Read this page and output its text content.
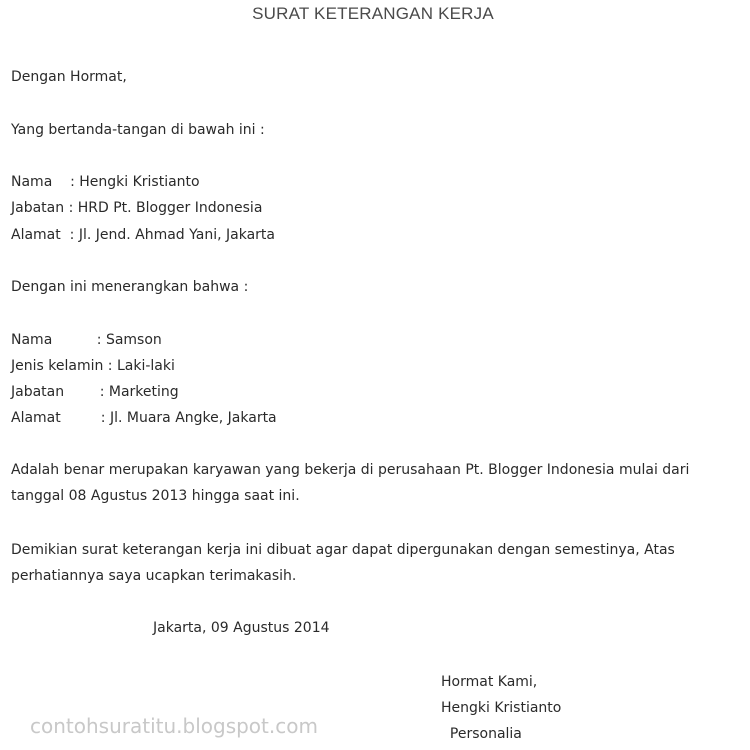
SURAT KETERANGAN KERJA
Dengan Hormat,
Yang bertanda-tangan di bawah ini :
Nama    : Hengki Kristianto
Jabatan : HRD Pt. Blogger Indonesia
Alamat  : Jl. Jend. Ahmad Yani, Jakarta
Dengan ini menerangkan bahwa :
Nama          : Samson
Jenis kelamin : Laki-laki
Jabatan        : Marketing
Alamat         : Jl. Muara Angke, Jakarta
Adalah benar merupakan karyawan yang bekerja di perusahaan Pt. Blogger Indonesia mulai dari tanggal 08 Agustus 2013 hingga saat ini.
Demikian surat keterangan kerja ini dibuat agar dapat dipergunakan dengan semestinya, Atas perhatiannya saya ucapkan terimakasih.
Jakarta, 09 Agustus 2014
Hormat Kami,
Hengki Kristianto
Personalia
contohsuratitu.blogspot.com
